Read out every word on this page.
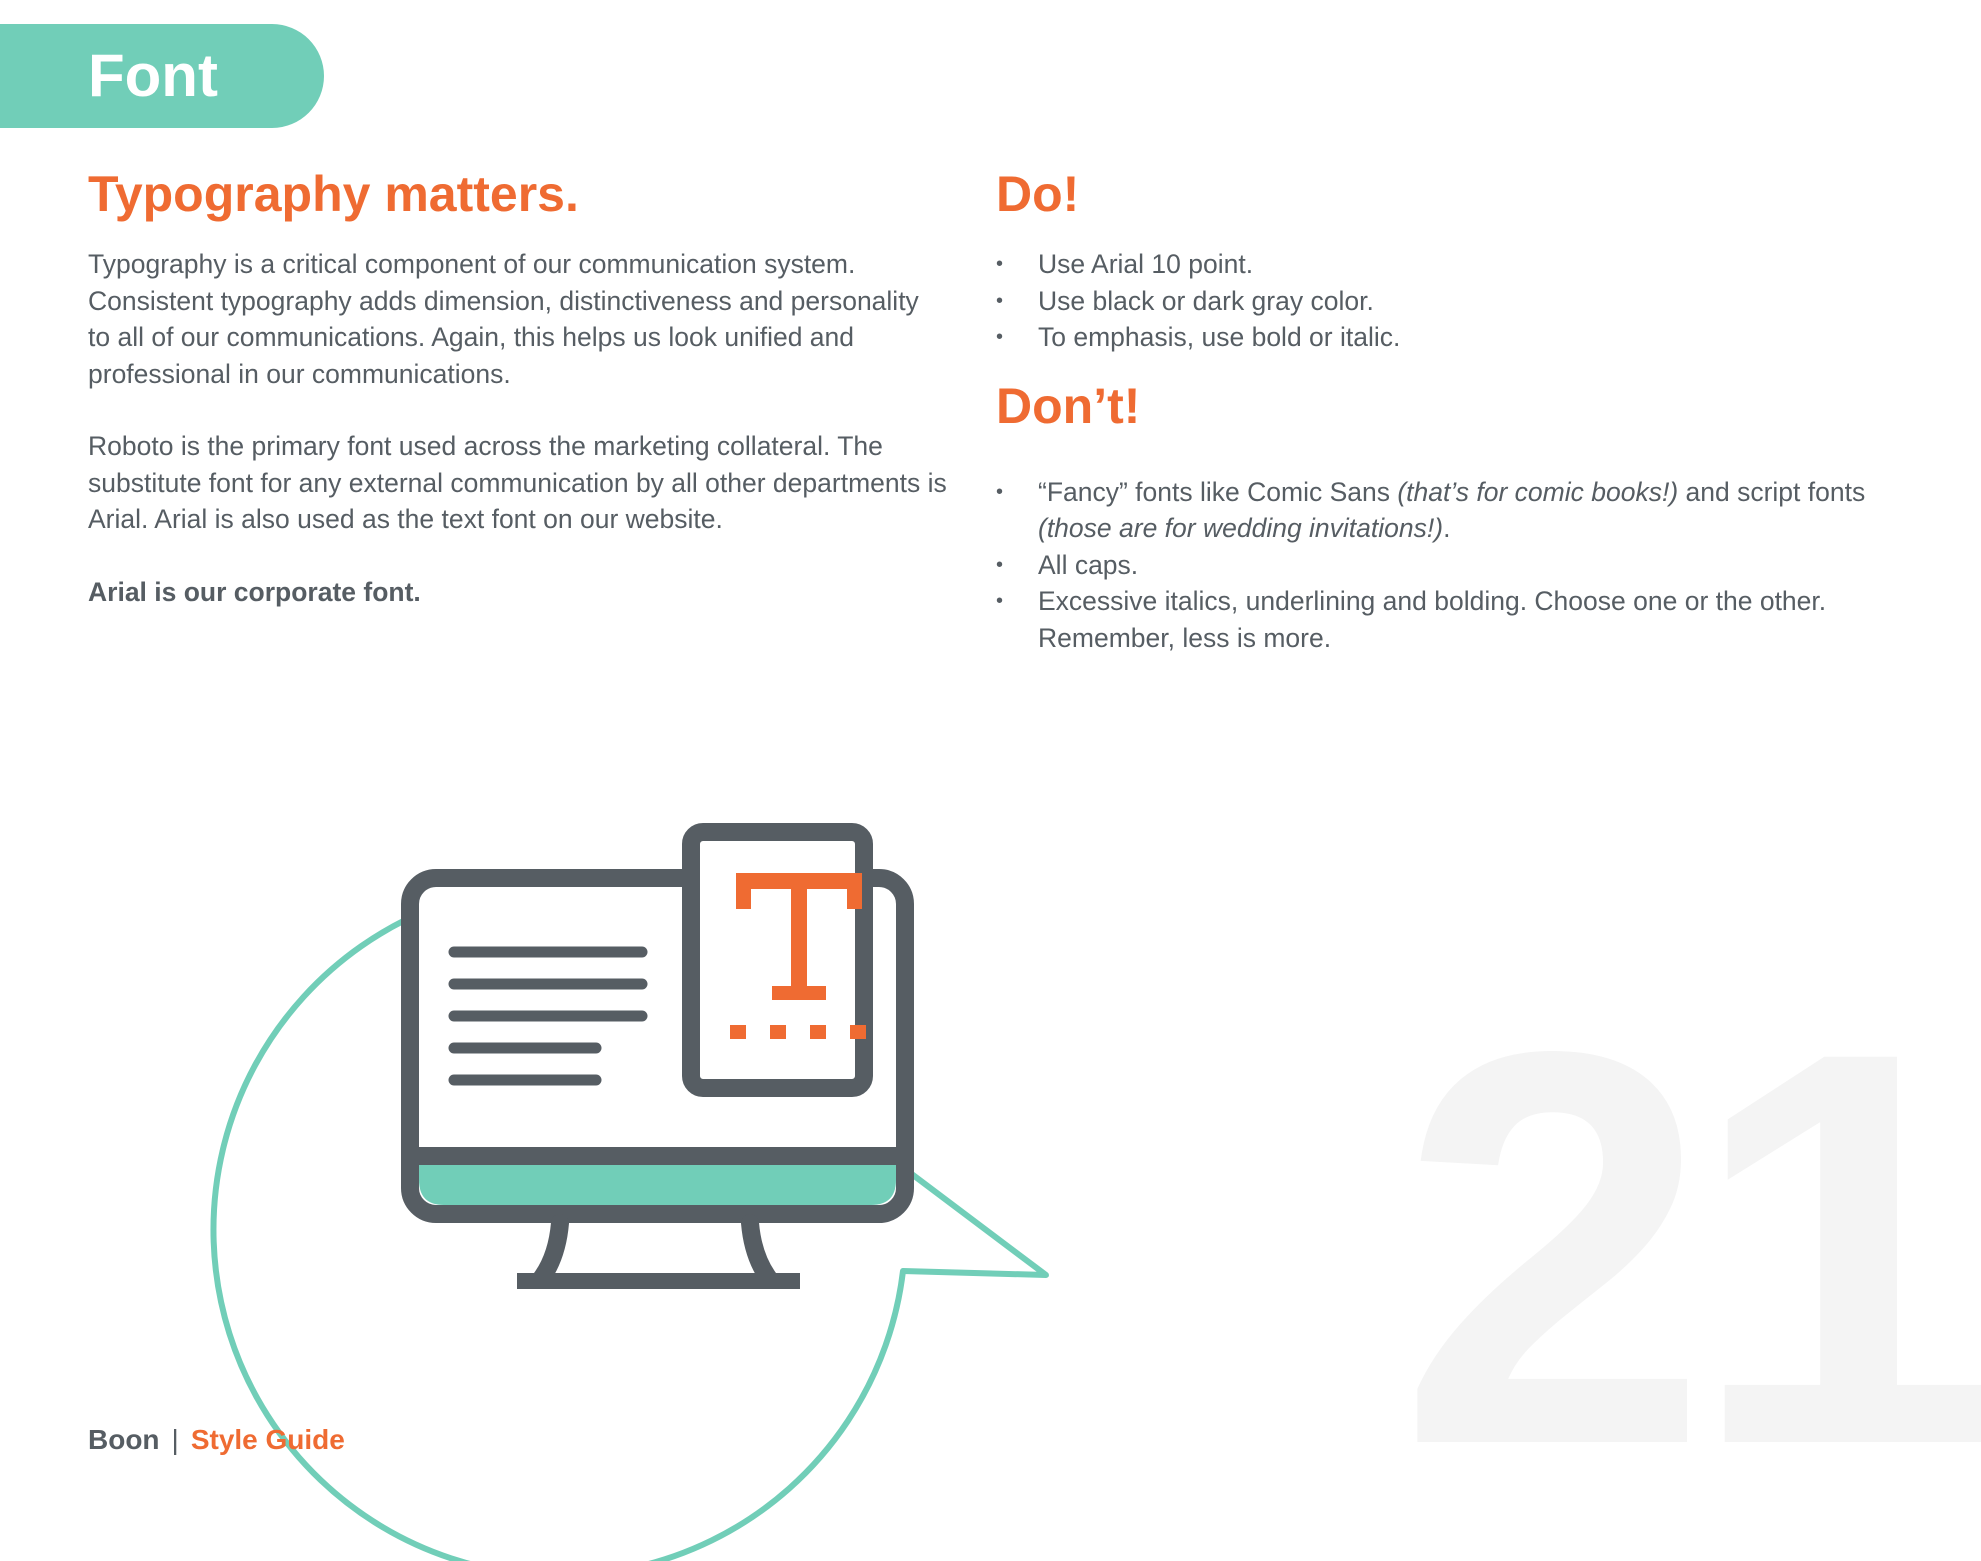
21
Font
Typography matters.

Typography is a critical component of our communication system. Consistent typography adds dimension, distinctiveness and personality to all of our communications. Again, this helps us look unified and professional in our communications.

Roboto is the primary font used across the marketing collateral. The substitute font for any external communication by all other departments is Arial. Arial is also used as the text font on our website.

Arial is our corporate font.

Do!
• Use Arial 10 point.
• Use black or dark gray color.
• To emphasis, use bold or italic.
Don’t!
• “Fancy” fonts like Comic Sans (that’s for comic books!) and script fonts (those are for wedding invitations!).
• All caps.
• Excessive italics, underlining and bolding. Choose one or the other. Remember, less is more.
Boon | Style Guide
